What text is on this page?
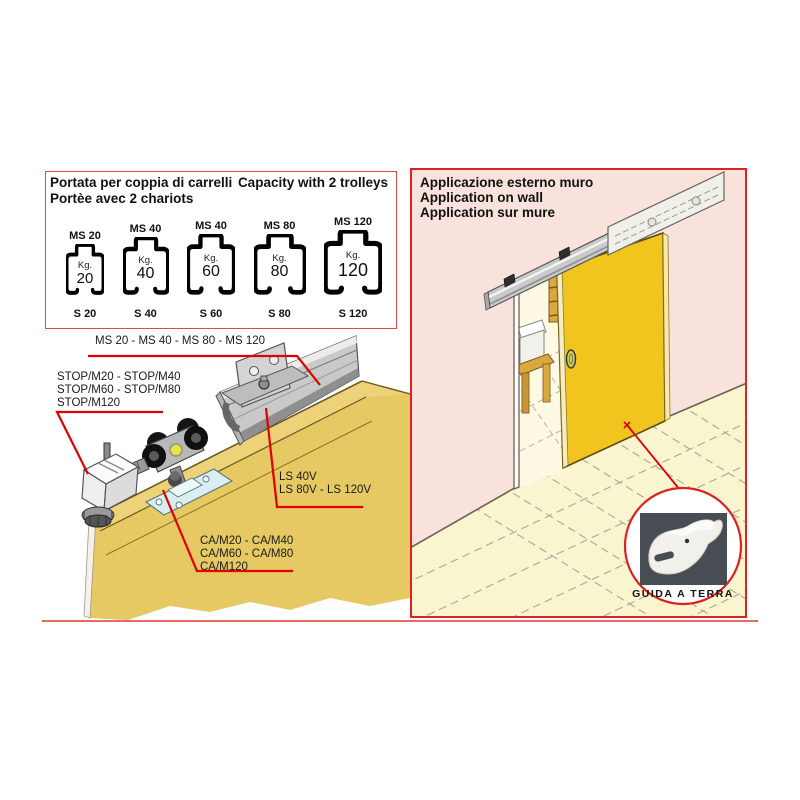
Portata per coppia di carrelli
Portèe avec 2 chariots
Capacity with 2 trolleys
MS 20
Kg.
20
S 20
MS 40
Kg.
40
S 40
MS 40
Kg.
60
S 60
MS 80
Kg.
80
S 80
MS 120
Kg.
120
S 120
MS 20 - MS 40 - MS 80 - MS 120
STOP/M20 - STOP/M40
STOP/M60 - STOP/M80
STOP/M120
LS 40V
LS 80V - LS 120V
CA/M20 - CA/M40
CA/M60 - CA/M80
CA/M120
GUIDA A TERRA
Applicazione esterno muro
Application on wall
Application sur mure
